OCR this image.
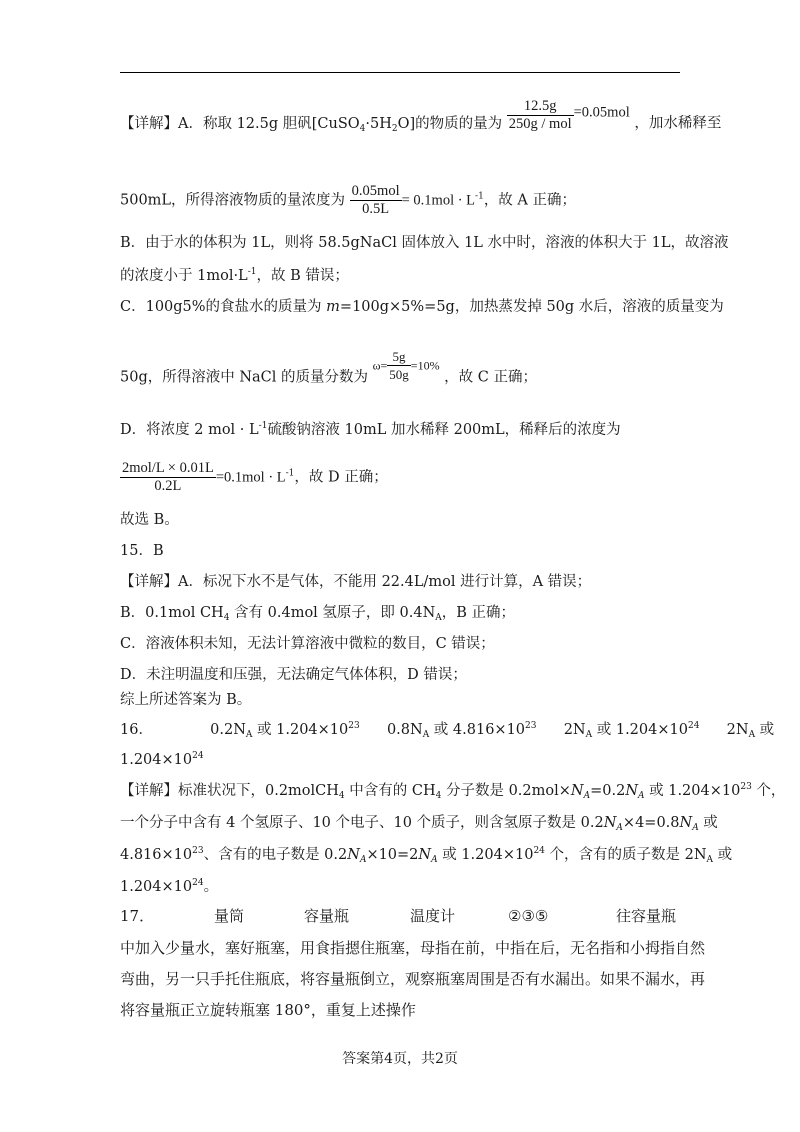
【详解】A．称取 12.5g 胆矾$[CuSO_4\cdot 5H_2O]$的物质的量为 $\frac{12.5g}{\text{250g / mol}} =0.05mol$ ，加水稀释至
500mL，所得溶液物质的量浓度为 $\frac{\text{0.05mol}}{0.5L} = 0.1mol \cdot L^{-1}$，故 A 正确；
B．由于水的体积为 1L，则将 58.5gNaCl 固体放入 1L 水中时，溶液的体积大于 1L，故溶液
的浓度小于 $1mol\cdot L^{-1}$，故 B 错误；
C．100g5%的食盐水的质量为 m=100g×5%=5g，加热蒸发掉 50g 水后，溶液的质量变为
50g，所得溶液中 NaCl 的质量分数为 $\omega= \frac{5g}{50g} =10\%$ ，故 C 正确；
D．将浓度 2 mol · $L^{-1}$硫酸钠溶液 10mL 加水稀释 200mL，稀释后的浓度为
$\frac{\text{2mol/L × 0.01L}}{0.2L} =0.1mol \cdot L^{-1}$，故 D 正确；
故选 B。
15．B
【详解】A．标况下水不是气体，不能用 22.4L/mol 进行计算，A 错误；
B．0.1mol $CH_4$ 含有 0.4mol 氢原子，即 $0.4N_A$，B 正确；
C．溶液体积未知，无法计算溶液中微粒的数目，C 错误；
D．未注明温度和压强，无法确定气体体积，D 错误；
综上所述答案为 B。
16．	$0.2N_A$ 或 $1.204\times 10^{23}$ $0.8N_A$ 或 $4.816\times 10^{23}$ $2N_A$ 或 $1.204\times 10^{24}$ $2N_A$ 或
$1.204\times 10^{24}$
【详解】标准状况下，0.2molCH$_4$ 中含有的 $CH_4$ 分子数是 $0.2mol\times N_A=0.2N_A$ 或 $1.204\times 10^{23}$ 个，
一个分子中含有 4 个氢原子、10 个电子、10 个质子，则含氢原子数是 $0.2N_A\times 4=0.8N_A$ 或
$4.816\times 10^{23}$、含有的电子数是 $0.2N_A\times 10=2N_A$ 或 $1.204\times 10^{24}$ 个，含有的质子数是 $2N_A$ 或
$1.204\times 10^{24}$。
17．	量筒	容量瓶	温度计	②③⑤	往容量瓶
中加入少量水，塞好瓶塞，用食指摁住瓶塞，母指在前，中指在后，无名指和小拇指自然
弯曲，另一只手托住瓶底，将容量瓶倒立，观察瓶塞周围是否有水漏出。如果不漏水，再
将容量瓶正立旋转瓶塞 180°，重复上述操作
答案第4页，共2页
